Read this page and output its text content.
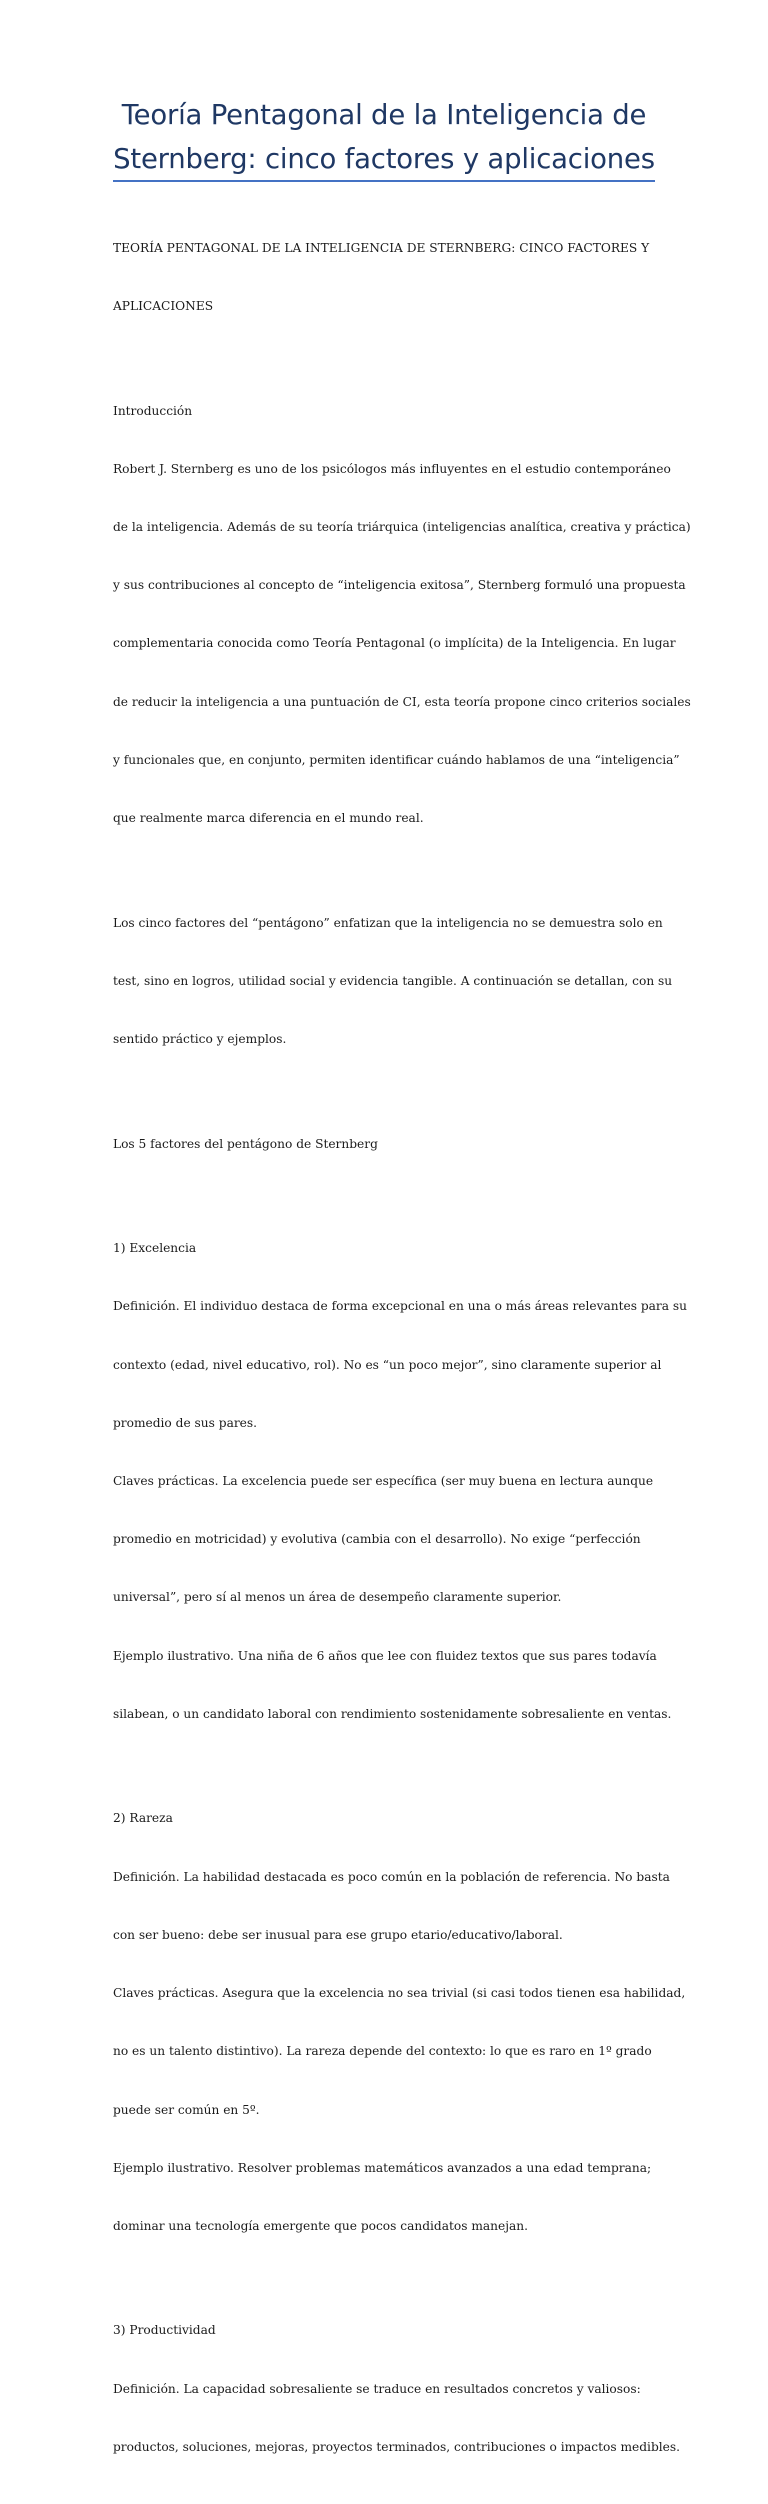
Teoría Pentagonal de la Inteligencia de Sternberg: cinco factores y aplicaciones

TEORÍA PENTAGONAL DE LA INTELIGENCIA DE STERNBERG: CINCO FACTORES Y

APLICACIONES

Introducción

Robert J. Sternberg es uno de los psicólogos más influyentes en el estudio contemporáneo

de la inteligencia. Además de su teoría triárquica (inteligencias analítica, creativa y práctica)

y sus contribuciones al concepto de “inteligencia exitosa”, Sternberg formuló una propuesta

complementaria conocida como Teoría Pentagonal (o implícita) de la Inteligencia. En lugar

de reducir la inteligencia a una puntuación de CI, esta teoría propone cinco criterios sociales

y funcionales que, en conjunto, permiten identificar cuándo hablamos de una “inteligencia”

que realmente marca diferencia en el mundo real.

Los cinco factores del “pentágono” enfatizan que la inteligencia no se demuestra solo en

test, sino en logros, utilidad social y evidencia tangible. A continuación se detallan, con su

sentido práctico y ejemplos.

Los 5 factores del pentágono de Sternberg

1) Excelencia

Definición. El individuo destaca de forma excepcional en una o más áreas relevantes para su

contexto (edad, nivel educativo, rol). No es “un poco mejor”, sino claramente superior al

promedio de sus pares.

Claves prácticas. La excelencia puede ser específica (ser muy buena en lectura aunque

promedio en motricidad) y evolutiva (cambia con el desarrollo). No exige “perfección

universal”, pero sí al menos un área de desempeño claramente superior.

Ejemplo ilustrativo. Una niña de 6 años que lee con fluidez textos que sus pares todavía

silabean, o un candidato laboral con rendimiento sostenidamente sobresaliente en ventas.

2) Rareza

Definición. La habilidad destacada es poco común en la población de referencia. No basta

con ser bueno: debe ser inusual para ese grupo etario/educativo/laboral.

Claves prácticas. Asegura que la excelencia no sea trivial (si casi todos tienen esa habilidad,

no es un talento distintivo). La rareza depende del contexto: lo que es raro en 1º grado

puede ser común en 5º.

Ejemplo ilustrativo. Resolver problemas matemáticos avanzados a una edad temprana;

dominar una tecnología emergente que pocos candidatos manejan.

3) Productividad

Definición. La capacidad sobresaliente se traduce en resultados concretos y valiosos:

productos, soluciones, mejoras, proyectos terminados, contribuciones o impactos medibles.
